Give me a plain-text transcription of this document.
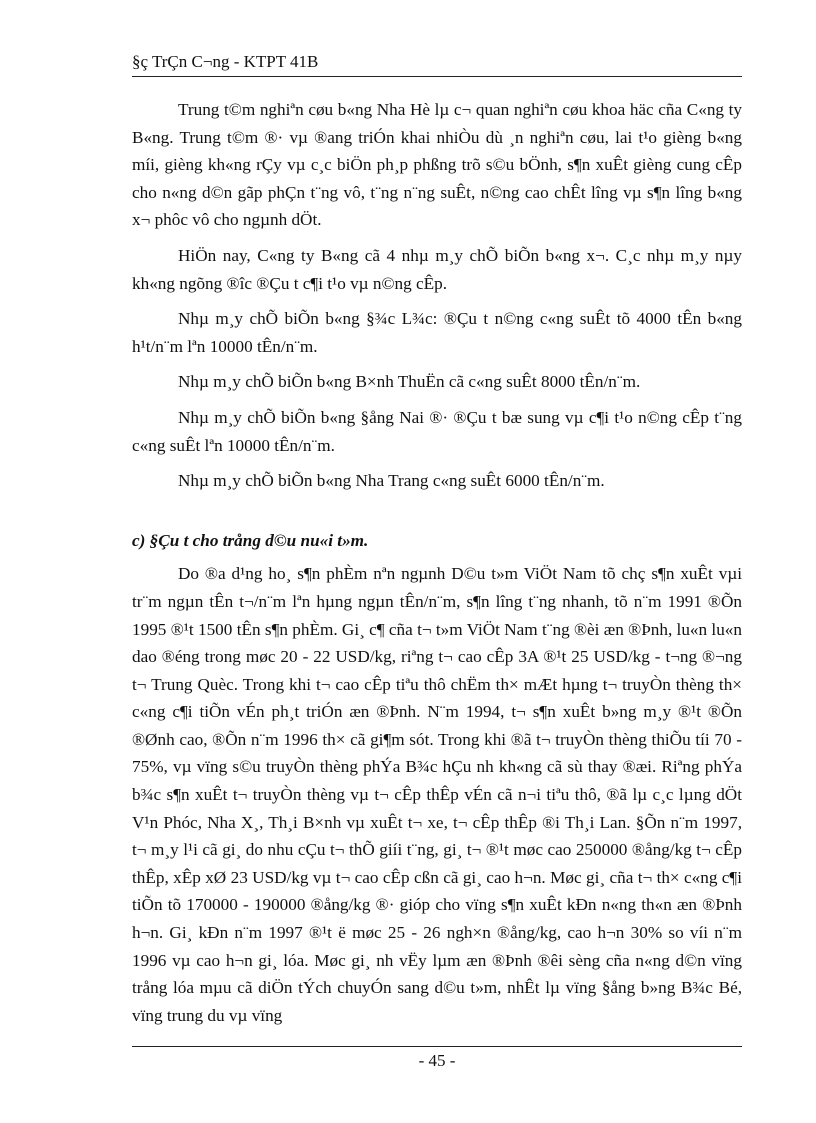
§ç TrÇn C¬ng - KTPT 41B

Trung t©m nghiªn cøu b«ng Nha Hè lµ c¬ quan nghiªn cøu khoa häc cña C«ng ty B«ng. Trung t©m ®· vµ ®ang triÓn khai nhiÒu dù ¸n nghiªn cøu, lai t¹o gièng b«ng míi, gièng kh«ng rÇy vµ c¸c biÖn ph¸p phßng trõ s©u bÖnh, s¶n xuÊt gièng cung cÊp cho n«ng d©n gãp phÇn t¨ng vô, t¨ng n¨ng suÊt, n©ng cao chÊt lîng vµ s¶n lîng b«ng x¬ phôc vô cho ngµnh dÖt.

HiÖn nay, C«ng ty B«ng cã 4 nhµ m¸y chÕ biÕn b«ng x¬. C¸c nhµ m¸y nµy kh«ng ngõng ®îc ®Çu t c¶i t¹o vµ n©ng cÊp.

Nhµ m¸y chÕ biÕn b«ng §¾c L¾c: ®Çu t n©ng c«ng suÊt tõ 4000 tÊn b«ng h¹t/n¨m lªn 10000 tÊn/n¨m.

Nhµ m¸y chÕ biÕn b«ng B×nh ThuËn cã c«ng suÊt 8000 tÊn/n¨m.

Nhµ m¸y chÕ biÕn b«ng §ång Nai ®· ®Çu t bæ sung vµ c¶i t¹o n©ng cÊp t¨ng c«ng suÊt lªn 10000 tÊn/n¨m.

Nhµ m¸y chÕ biÕn b«ng Nha Trang c«ng suÊt 6000 tÊn/n¨m.

c) §Çu t cho trång d©u nu«i t»m.

Do ®a d¹ng ho¸ s¶n phÈm nªn ngµnh D©u t»m ViÖt Nam tõ chç s¶n xuÊt vµi tr¨m ngµn tÊn t¬/n¨m lªn hµng ngµn tÊn/n¨m, s¶n lîng t¨ng nhanh, tõ n¨m 1991 ®Õn 1995 ®¹t 1500 tÊn s¶n phÈm. Gi¸ c¶ cña t¬ t»m ViÖt Nam t¨ng ®èi æn ®Þnh, lu«n lu«n dao ®éng trong møc 20 - 22 USD/kg, riªng t¬ cao cÊp 3A ®¹t 25 USD/kg - t¬ng ®¬ng t¬ Trung Quèc. Trong khi t¬ cao cÊp tiªu thô chËm th× mÆt hµng t¬ truyÒn thèng th× c«ng c¶i tiÕn vÉn ph¸t triÓn æn ®Þnh. N¨m 1994, t¬ s¶n xuÊt b»ng m¸y ®¹t ®Õn ®Ønh cao, ®Õn n¨m 1996 th× cã gi¶m sót. Trong khi ®ã t¬ truyÒn thèng thiÕu tíi 70 - 75%, vµ vïng s©u truyÒn thèng phÝa B¾c hÇu nh kh«ng cã sù thay ®æi. Riªng phÝa b¾c s¶n xuÊt t¬ truyÒn thèng vµ t¬ cÊp thÊp vÉn cã n¬i tiªu thô, ®ã lµ c¸c lµng dÖt V¹n Phóc, Nha X¸, Th¸i B×nh vµ xuÊt t¬ xe, t¬ cÊp thÊp ®i Th¸i Lan. §Õn n¨m 1997, t¬ m¸y l¹i cã gi¸ do nhu cÇu t¬ thÕ giíi t¨ng, gi¸ t¬ ®¹t møc cao 250000 ®ång/kg t¬ cÊp thÊp, xÊp xØ 23 USD/kg vµ t¬ cao cÊp cßn cã gi¸ cao h¬n. Møc gi¸ cña t¬ th× c«ng c¶i tiÕn tõ 170000 - 190000 ®ång/kg ®· gióp cho vïng s¶n xuÊt kÐn n«ng th«n æn ®Þnh h¬n. Gi¸ kÐn n¨m 1997 ®¹t ë møc 25 - 26 ngh×n ®ång/kg, cao h¬n 30% so víi n¨m 1996 vµ cao h¬n gi¸ lóa. Møc gi¸ nh vËy lµm æn ®Þnh ®êi sèng cña n«ng d©n vïng trång lóa mµu cã diÖn tÝch chuyÓn sang d©u t»m, nhÊt lµ vïng §ång b»ng B¾c Bé, vïng trung du vµ vïng

- 45 -
